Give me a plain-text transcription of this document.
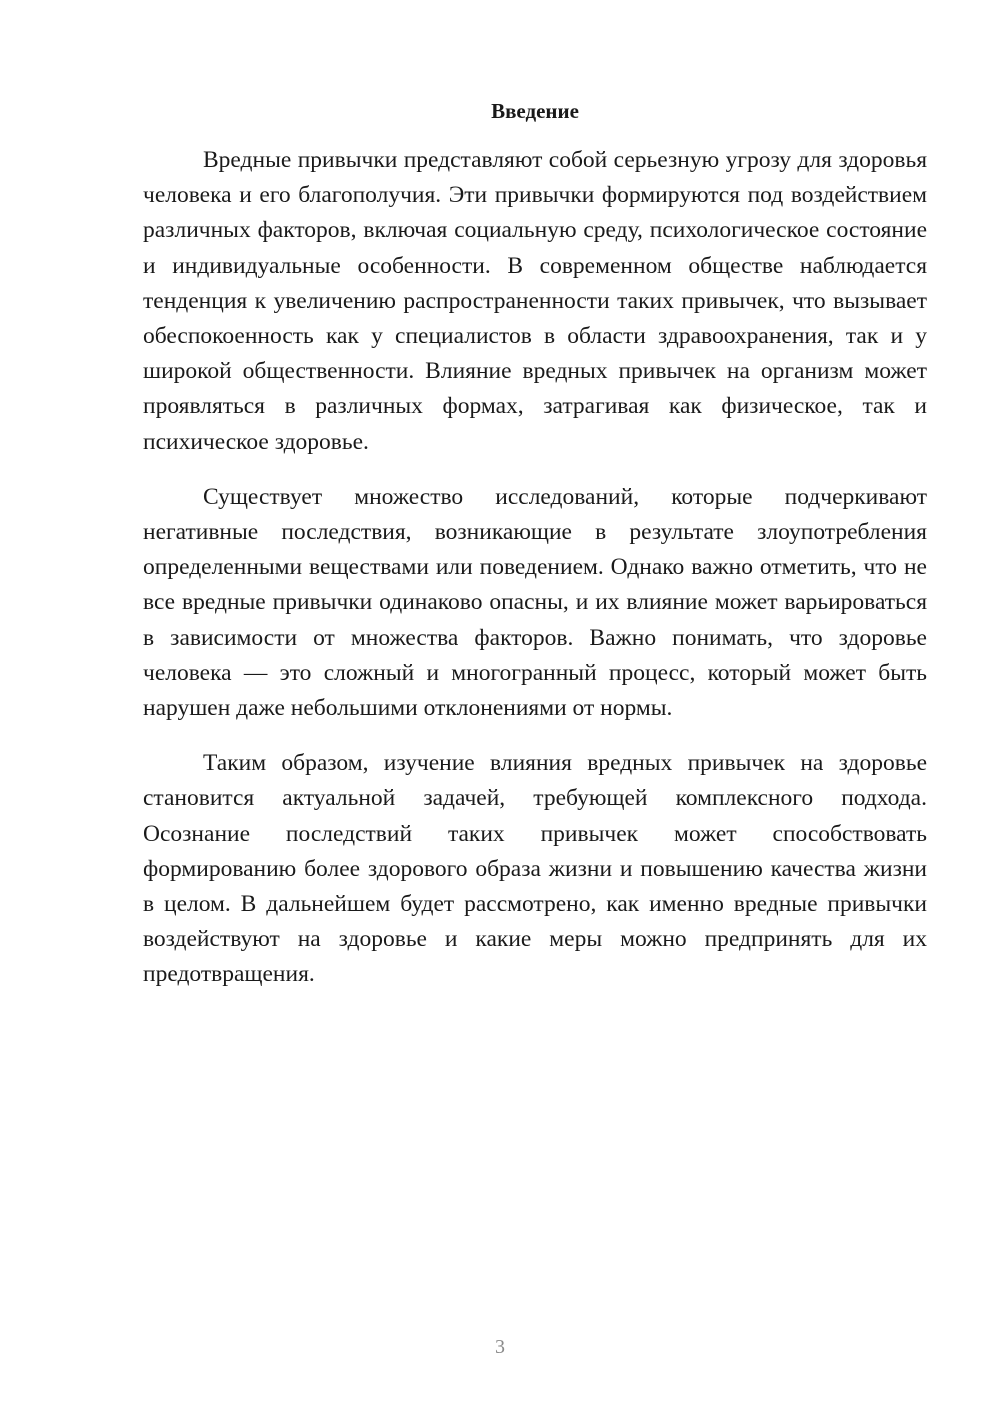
Введение

Вредные привычки представляют собой серьезную угрозу для здоровья человека и его благополучия. Эти привычки формируются под воздействием различных факторов, включая социальную среду, психологическое состояние и индивидуальные особенности. В современном обществе наблюдается тенденция к увеличению распространенности таких привычек, что вызывает обеспокоенность как у специалистов в области здравоохранения, так и у широкой общественности. Влияние вредных привычек на организм может проявляться в различных формах, затрагивая как физическое, так и психическое здоровье.

Существует множество исследований, которые подчеркивают негативные последствия, возникающие в результате злоупотребления определенными веществами или поведением. Однако важно отметить, что не все вредные привычки одинаково опасны, и их влияние может варьироваться в зависимости от множества факторов. Важно понимать, что здоровье человека — это сложный и многогранный процесс, который может быть нарушен даже небольшими отклонениями от нормы.

Таким образом, изучение влияния вредных привычек на здоровье становится актуальной задачей, требующей комплексного подхода. Осознание последствий таких привычек может способствовать формированию более здорового образа жизни и повышению качества жизни в целом. В дальнейшем будет рассмотрено, как именно вредные привычки воздействуют на здоровье и какие меры можно предпринять для их предотвращения.

3
